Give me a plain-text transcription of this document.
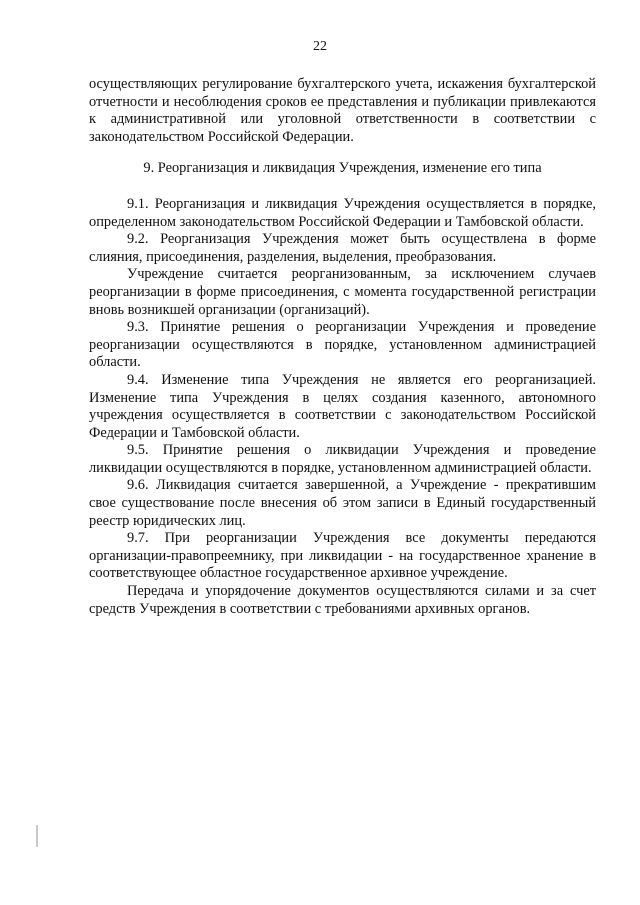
22

осуществляющих регулирование бухгалтерского учета, искажения бухгалтерской отчетности и несоблюдения сроков ее представления и публикации привлекаются к административной или уголовной ответственности в соответствии с законодательством Российской Федерации.

9. Реорганизация и ликвидация Учреждения, изменение его типа

9.1. Реорганизация и ликвидация Учреждения осуществляется в порядке, определенном законодательством Российской Федерации и Тамбовской области.

9.2. Реорганизация Учреждения может быть осуществлена в форме слияния, присоединения, разделения, выделения, преобразования.

Учреждение считается реорганизованным, за исключением случаев реорганизации в форме присоединения, с момента государственной регистрации вновь возникшей организации (организаций).

9.3. Принятие решения о реорганизации Учреждения и проведение реорганизации осуществляются в порядке, установленном администрацией области.

9.4. Изменение типа Учреждения не является его реорганизацией. Изменение типа Учреждения в целях создания казенного, автономного учреждения осуществляется в соответствии с законодательством Российской Федерации и Тамбовской области.

9.5. Принятие решения о ликвидации Учреждения и проведение ликвидации осуществляются в порядке, установленном администрацией области.

9.6. Ликвидация считается завершенной, а Учреждение - прекратившим свое существование после внесения об этом записи в Единый государственный реестр юридических лиц.

9.7. При реорганизации Учреждения все документы передаются организации-правопреемнику, при ликвидации - на государственное хранение в соответствующее областное государственное архивное учреждение.

Передача и упорядочение документов осуществляются силами и за счет средств Учреждения в соответствии с требованиями архивных органов.
